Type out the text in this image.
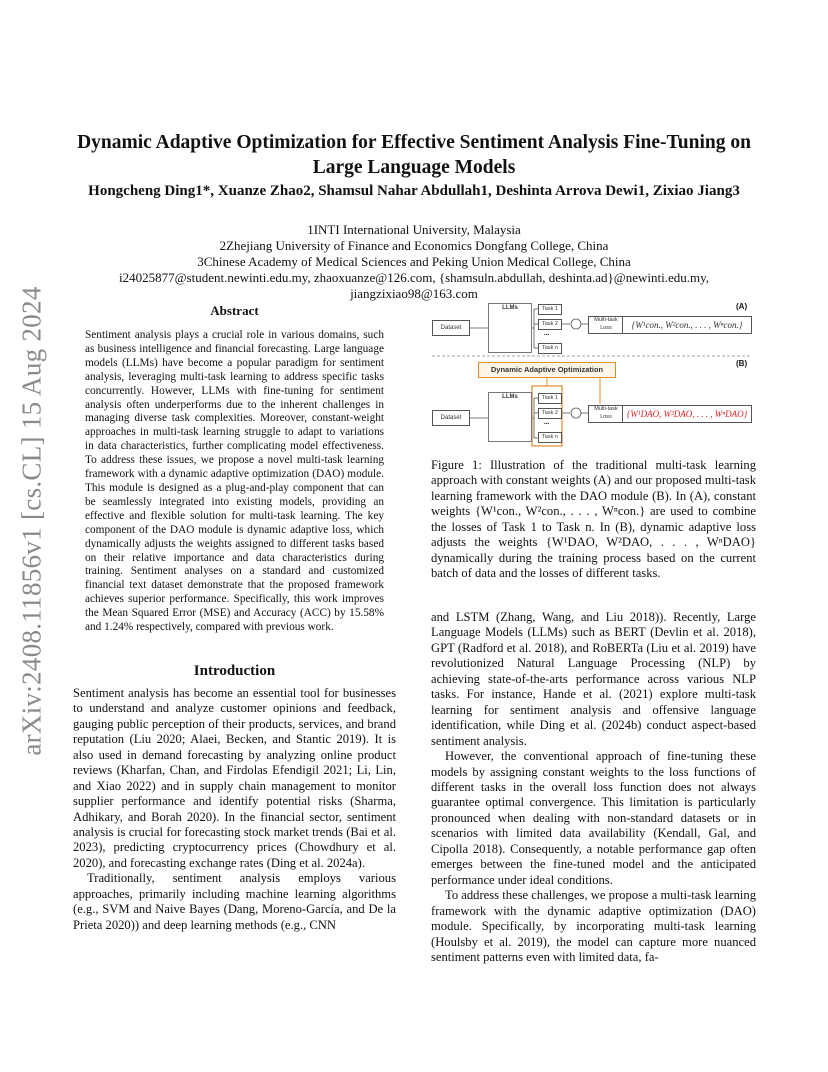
arXiv:2408.11856v1 [cs.CL] 15 Aug 2024
Dynamic Adaptive Optimization for Effective Sentiment Analysis Fine-Tuning on Large Language Models
Hongcheng Ding1*, Xuanze Zhao2, Shamsul Nahar Abdullah1, Deshinta Arrova Dewi1, Zixiao Jiang3
1INTI International University, Malaysia
2Zhejiang University of Finance and Economics Dongfang College, China
3Chinese Academy of Medical Sciences and Peking Union Medical College, China
i24025877@student.newinti.edu.my, zhaoxuanze@126.com, {shamsuln.abdullah, deshinta.ad}@newinti.edu.my,
jiangzixiao98@163.com
Abstract
Sentiment analysis plays a crucial role in various domains, such as business intelligence and financial forecasting. Large language models (LLMs) have become a popular paradigm for sentiment analysis, leveraging multi-task learning to address specific tasks concurrently. However, LLMs with fine-tuning for sentiment analysis often underperforms due to the inherent challenges in managing diverse task complexities. Moreover, constant-weight approaches in multi-task learning struggle to adapt to variations in data characteristics, further complicating model effectiveness. To address these issues, we propose a novel multi-task learning framework with a dynamic adaptive optimization (DAO) module. This module is designed as a plug-and-play component that can be seamlessly integrated into existing models, providing an effective and flexible solution for multi-task learning. The key component of the DAO module is dynamic adaptive loss, which dynamically adjusts the weights assigned to different tasks based on their relative importance and data characteristics during training. Sentiment analyses on a standard and customized financial text dataset demonstrate that the proposed framework achieves superior performance. Specifically, this work improves the Mean Squared Error (MSE) and Accuracy (ACC) by 15.58% and 1.24% respectively, compared with previous work.
Introduction

Sentiment analysis has become an essential tool for businesses to understand and analyze customer opinions and feedback, gauging public perception of their products, services, and brand reputation (Liu 2020; Alaei, Becken, and Stantic 2019). It is also used in demand forecasting by analyzing online product reviews (Kharfan, Chan, and Firdolas Efendigil 2021; Li, Lin, and Xiao 2022) and in supply chain management to monitor supplier performance and identify potential risks (Sharma, Adhikary, and Borah 2020). In the financial sector, sentiment analysis is crucial for forecasting stock market trends (Bai et al. 2023), predicting cryptocurrency prices (Chowdhury et al. 2020), and forecasting exchange rates (Ding et al. 2024a).

Traditionally, sentiment analysis employs various approaches, primarily including machine learning algorithms (e.g., SVM and Naive Bayes (Dang, Moreno-García, and De la Prieta 2020)) and deep learning methods (e.g., CNN

(A)
(B)
Dataset
LLMs	Task 1
Task 2
...
Task n
Multi-task
Loss	{W¹con., W²con., . . . , Wⁿcon.}
Dynamic Adaptive Optimization
Dataset
LLMs	Task 1
Task 2
...
Task n
Multi-task
Loss	{W¹DAO, W²DAO, . . . , WⁿDAO}
Figure 1: Illustration of the traditional multi-task learning approach with constant weights (A) and our proposed multi-task learning framework with the DAO module (B). In (A), constant weights {W¹con., W²con., . . . , Wⁿcon.} are used to combine the losses of Task 1 to Task n. In (B), dynamic adaptive loss adjusts the weights {W¹DAO, W²DAO, . . . , WⁿDAO} dynamically during the training process based on the current batch of data and the losses of different tasks.

and LSTM (Zhang, Wang, and Liu 2018)). Recently, Large Language Models (LLMs) such as BERT (Devlin et al. 2018), GPT (Radford et al. 2018), and RoBERTa (Liu et al. 2019) have revolutionized Natural Language Processing (NLP) by achieving state-of-the-arts performance across various NLP tasks. For instance, Hande et al. (2021) explore multi-task learning for sentiment analysis and offensive language identification, while Ding et al. (2024b) conduct aspect-based sentiment analysis.

However, the conventional approach of fine-tuning these models by assigning constant weights to the loss functions of different tasks in the overall loss function does not always guarantee optimal convergence. This limitation is particularly pronounced when dealing with non-standard datasets or in scenarios with limited data availability (Kendall, Gal, and Cipolla 2018). Consequently, a notable performance gap often emerges between the fine-tuned model and the anticipated performance under ideal conditions.

To address these challenges, we propose a multi-task learning framework with the dynamic adaptive optimization (DAO) module. Specifically, by incorporating multi-task learning (Houlsby et al. 2019), the model can capture more nuanced sentiment patterns even with limited data, fa-
